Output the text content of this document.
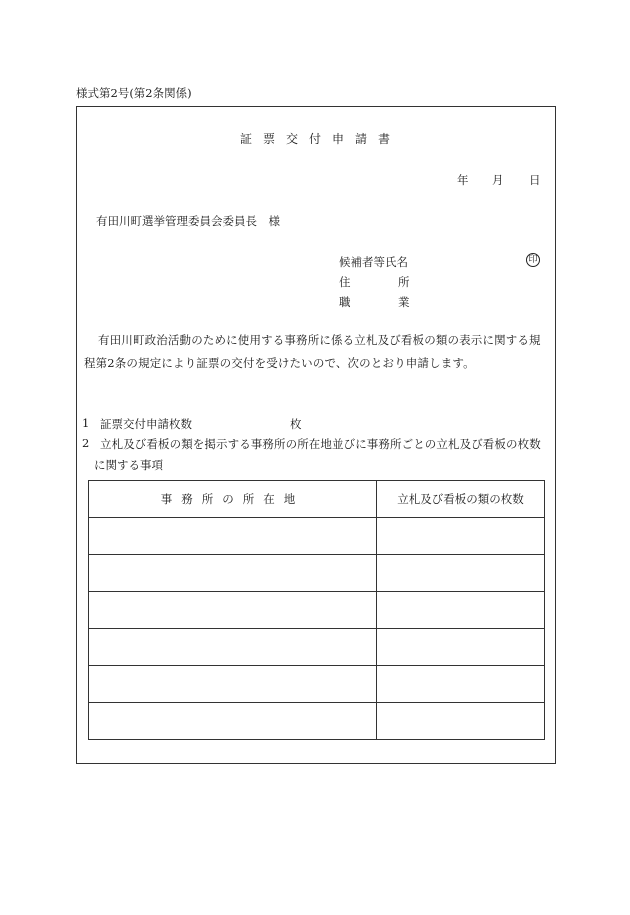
様式第2号(第2条関係)
証票交付申請書
年 月 日
有田川町選挙管理委員会委員長　様
候補者等氏名	印
住	所
職	業
有田川町政治活動のために使用する事務所に係る立札及び看板の類の表示に関する規程第2条の規定により証票の交付を受けたいので、次のとおり申請します。
1 証票交付申請枚数	枚
2 立札及び看板の類を掲示する事務所の所在地並びに事務所ごとの立札及び看板の枚数
に関する事項
事務所の所在地	立札及び看板の類の枚数
